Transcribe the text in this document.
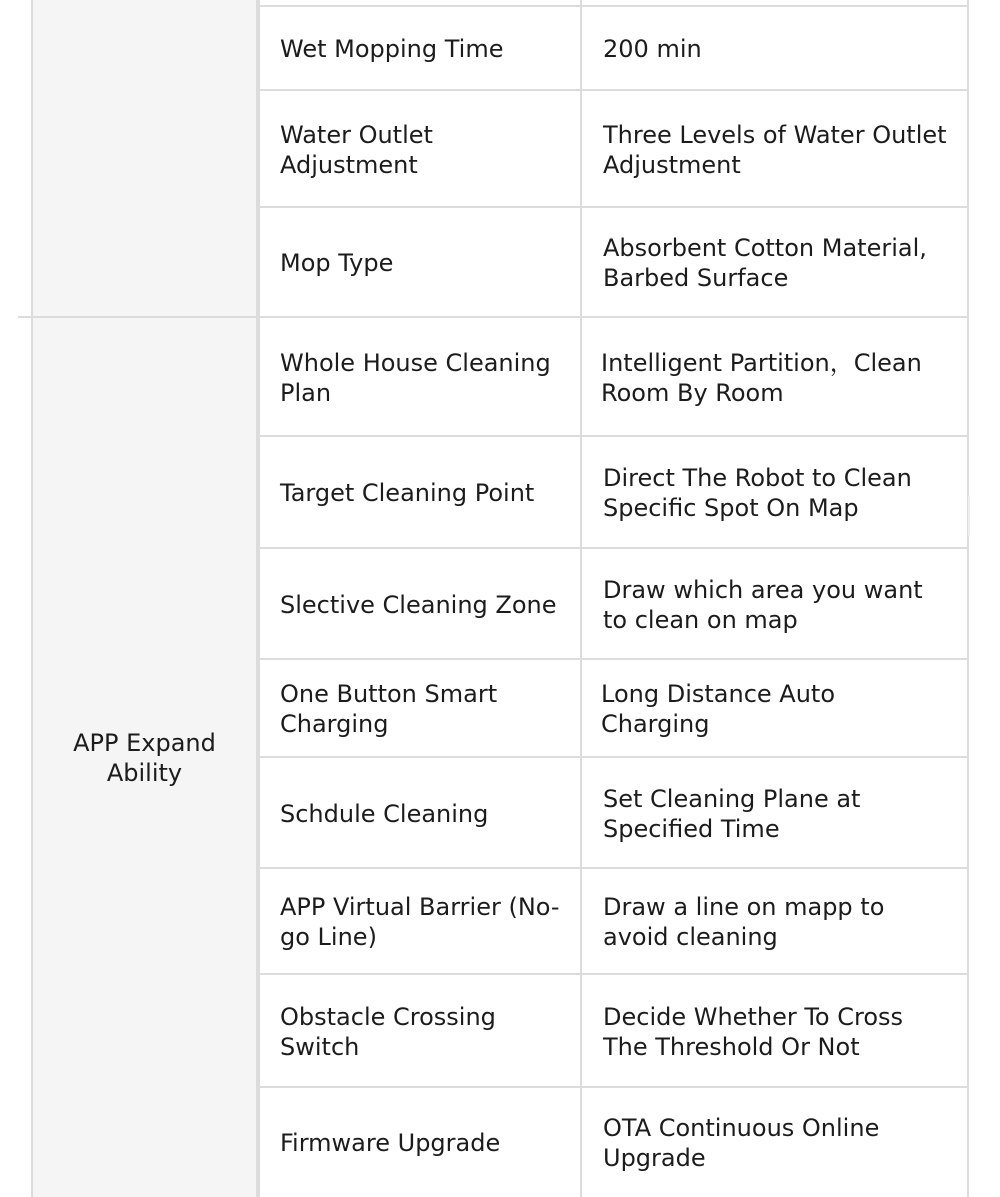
Wet Mopping Time	200 min
Water Outlet Adjustment
Three Levels of Water Outlet Adjustment
Mop Type
Absorbent Cotton Material, Barbed Surface
APP Expand Ability
Whole House Cleaning Plan
Intelligent Partition，Clean Room By Room
Target Cleaning Point
Direct The Robot to Clean Specific Spot On Map
Slective Cleaning Zone
Draw which area you want to clean on map
One Button Smart Charging
Long Distance Auto Charging
Schdule Cleaning
Set Cleaning Plane at Specified Time
APP Virtual Barrier (No-go Line)
Draw a line on mapp to avoid cleaning
Obstacle Crossing Switch
Decide Whether To Cross The Threshold Or Not
Firmware Upgrade
OTA Continuous Online Upgrade
